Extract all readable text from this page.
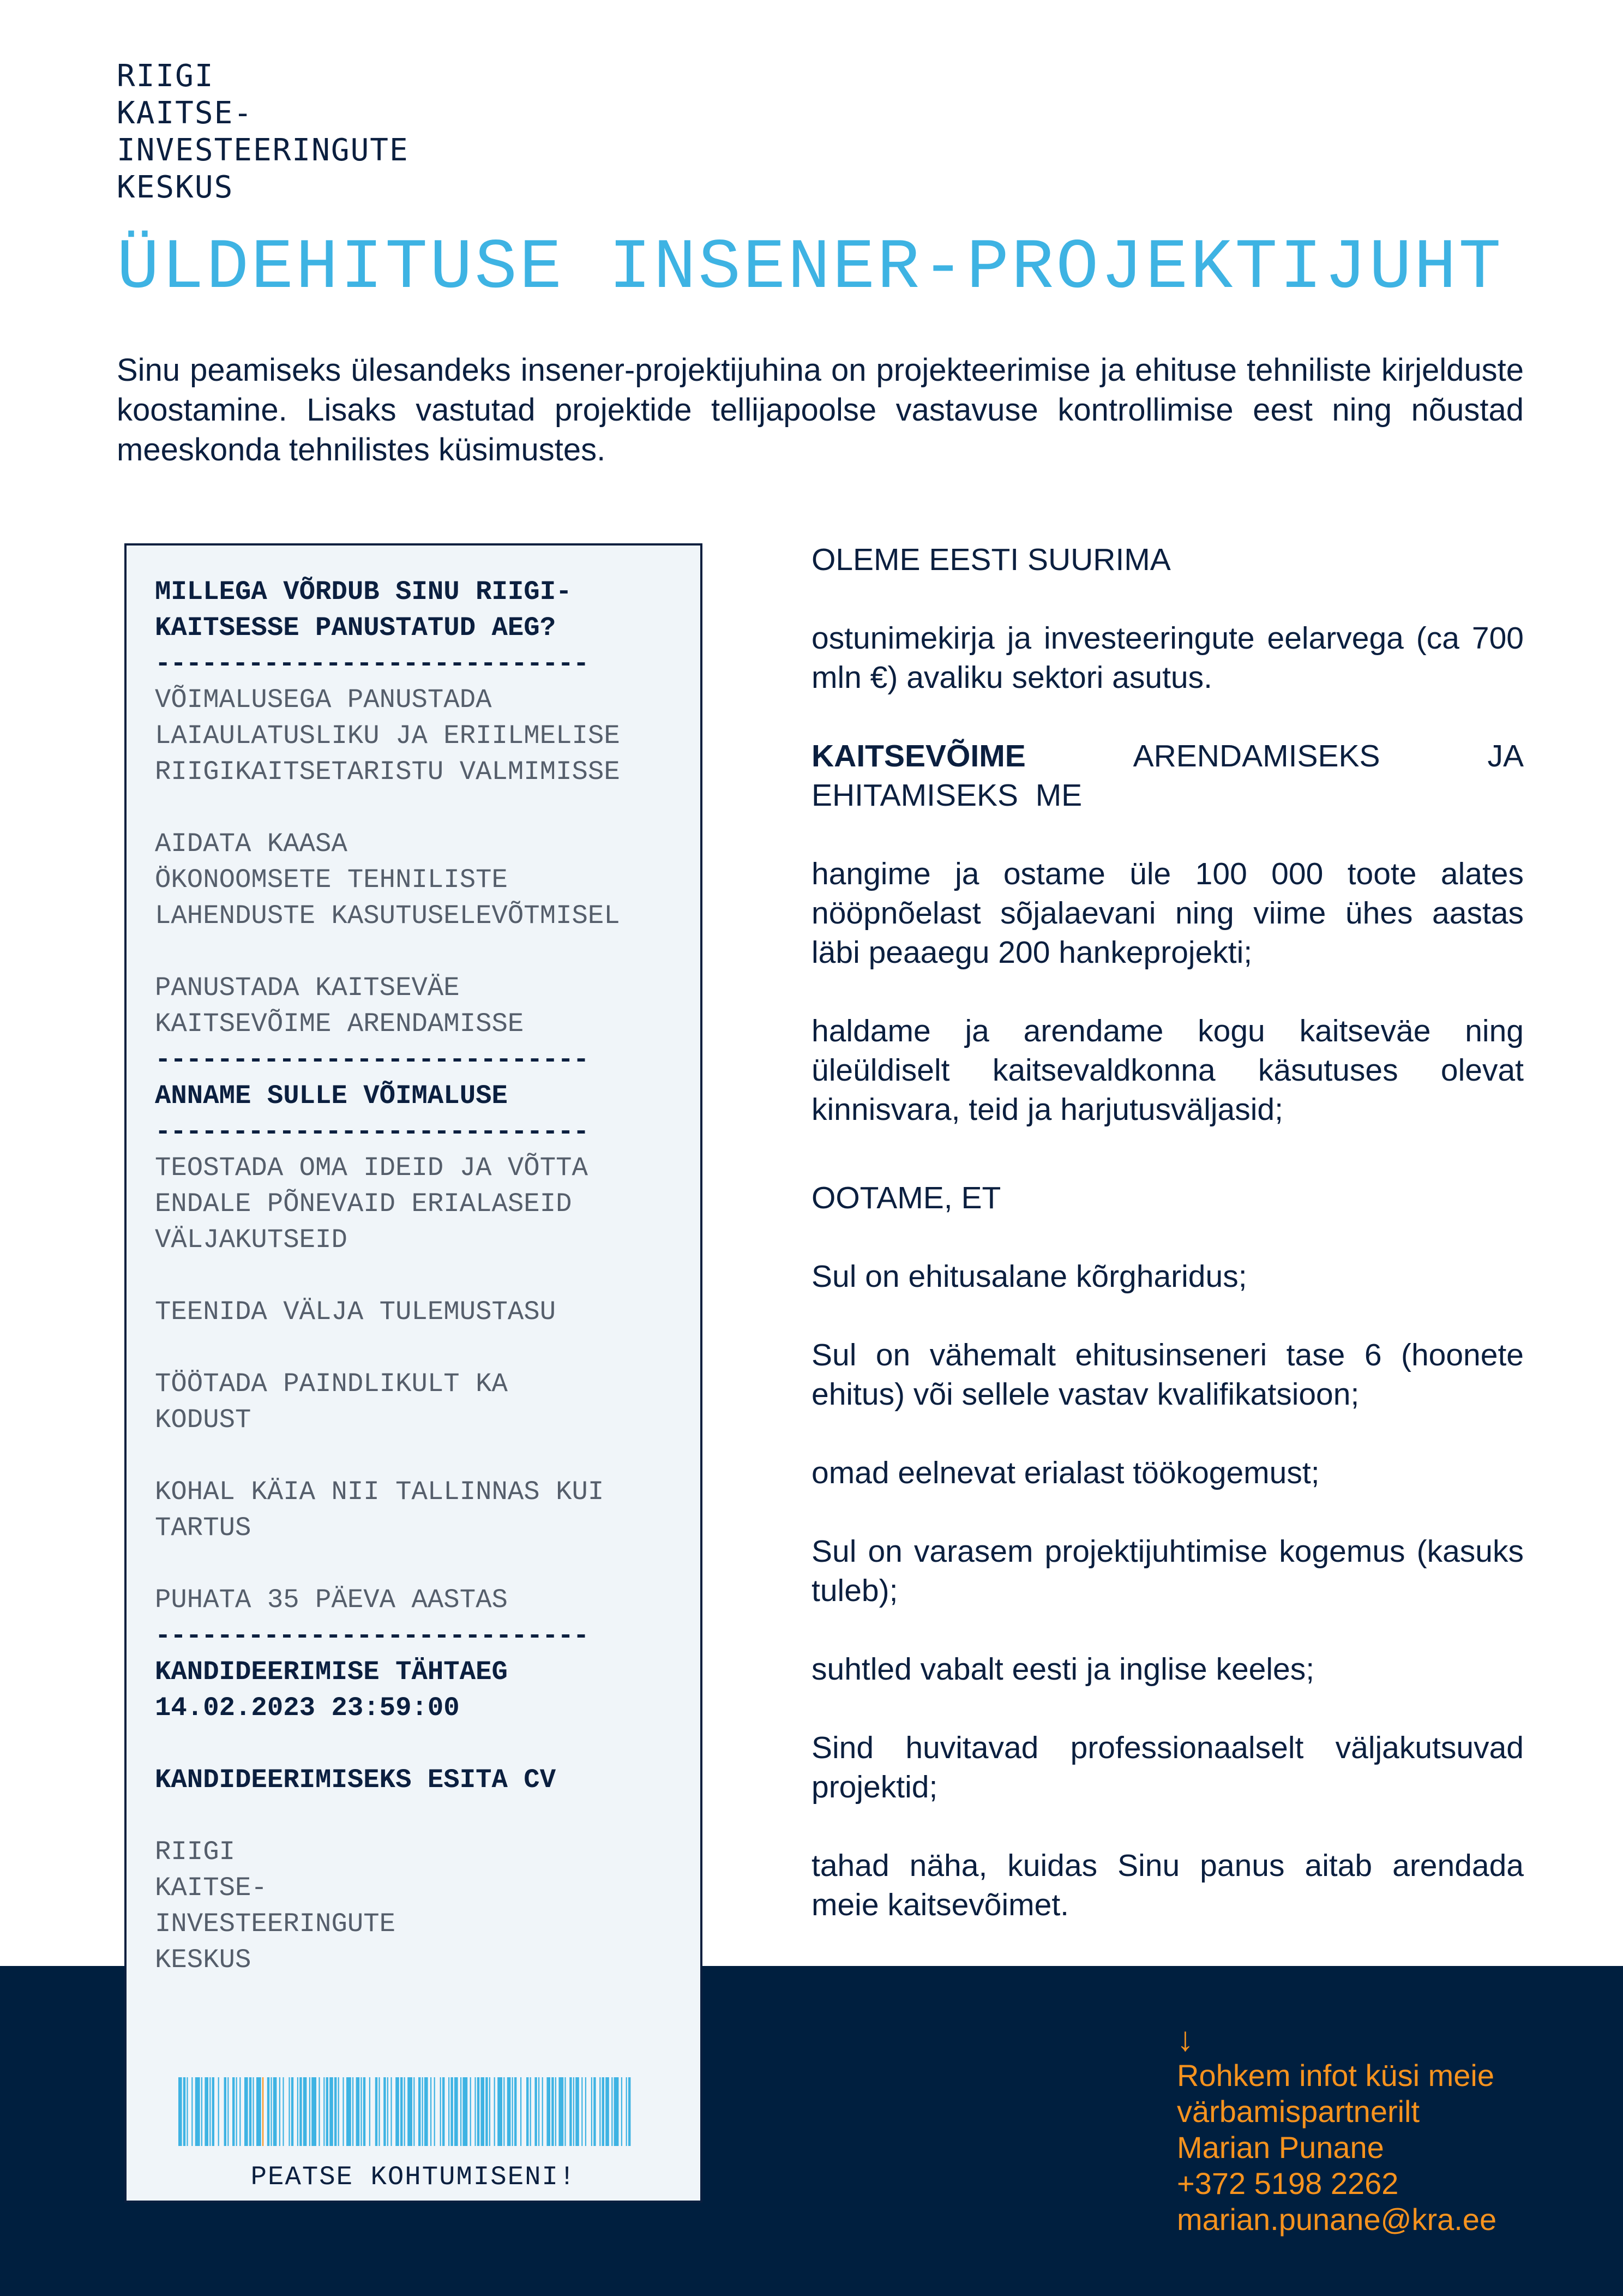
RIIGI
KAITSE-
INVESTEERINGUTE
KESKUS
ÜLDEHITUSE INSENER-PROJEKTIJUHT
Sinu peamiseks ülesandeks insener-projektijuhina on projekteerimise ja ehituse tehniliste kirjelduste koostamine. Lisaks vastutad projektide tellijapoolse vastavuse kontrollimise eest ning nõustad meeskonda tehnilistes küsimustes.
MILLEGA VÕRDUB SINU RIIGI-
KAITSESSE PANUSTATUD AEG?
----------------------------
VÕIMALUSEGA PANUSTADA
LAIAULATUSLIKU JA ERIILMELISE
RIIGIKAITSETARISTU VALMIMISSE
AIDATA KAASA
ÖKONOOMSETE TEHNILISTE
LAHENDUSTE KASUTUSELEVÕTMISEL
PANUSTADA KAITSEVÄE
KAITSEVÕIME ARENDAMISSE
----------------------------
ANNAME SULLE VÕIMALUSE
----------------------------
TEOSTADA OMA IDEID JA VÕTTA
ENDALE PÕNEVAID ERIALASEID
VÄLJAKUTSEID
TEENIDA VÄLJA TULEMUSTASU
TÖÖTADA PAINDLIKULT KA
KODUST
KOHAL KÄIA NII TALLINNAS KUI
TARTUS
PUHATA 35 PÄEVA AASTAS
----------------------------
KANDIDEERIMISE TÄHTAEG
14.02.2023 23:59:00
KANDIDEERIMISEKS ESITA CV
RIIGI
KAITSE-
INVESTEERINGUTE
KESKUS
PEATSE KOHTUMISENI!

OLEME EESTI SUURIMA

ostunimekirja ja investeeringute eelarvega (ca 700 mln €) avaliku sektori asutus.

KAITSEVÕIME	ARENDAMISEKS	JA

EHITAMISEKS  ME

hangime ja ostame üle 100 000 toote alates nööpnõelast sõjalaevani ning viime ühes aastas läbi peaaegu 200 hankeprojekti;

haldame ja arendame kogu kaitseväe ning üleüldiselt kaitsevaldkonna käsutuses olevat kinnisvara, teid ja harjutusväljasid;

OOTAME, ET

Sul on ehitusalane kõrgharidus;

Sul on vähemalt ehitusinseneri tase 6 (hoonete ehitus) või sellele vastav kvalifikatsioon;

omad eelnevat erialast töökogemust;

Sul on varasem projektijuhtimise kogemus (kasuks tuleb);

suhtled vabalt eesti ja inglise keeles;

Sind huvitavad professionaalselt väljakutsuvad projektid;

tahad näha, kuidas Sinu panus aitab arendada meie kaitsevõimet.

↓
Rohkem infot küsi meie
värbamispartnerilt
Marian Punane
+372 5198 2262
marian.punane@kra.ee
